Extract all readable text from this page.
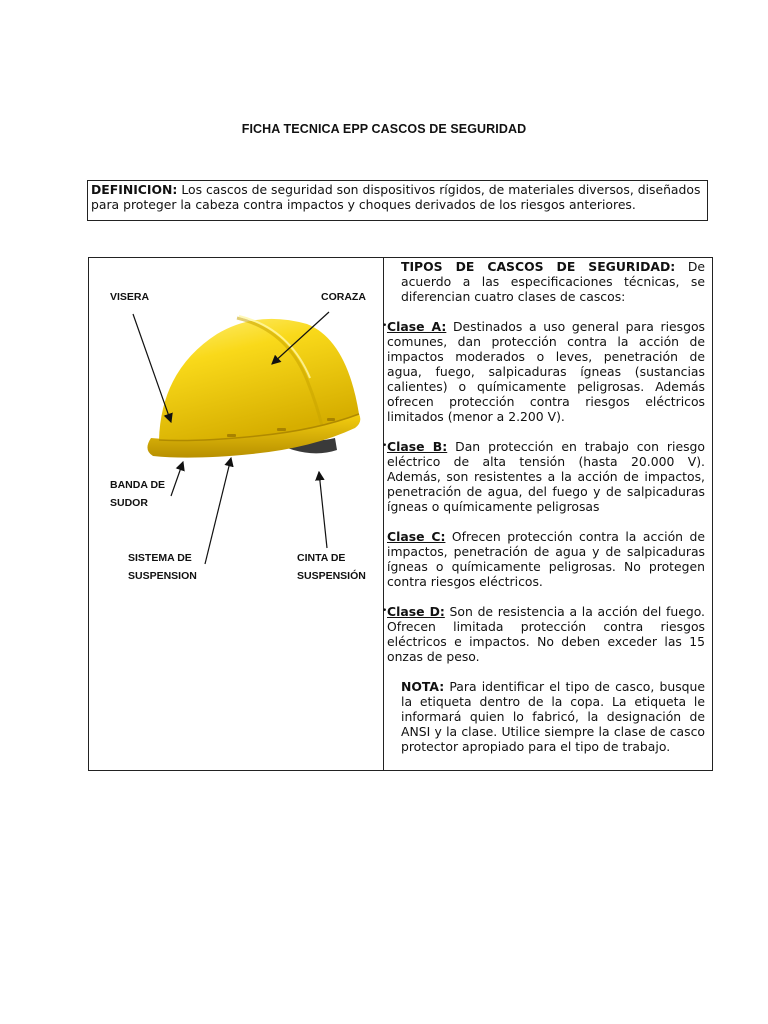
FICHA TECNICA EPP CASCOS DE SEGURIDAD
DEFINICION: Los cascos de seguridad son dispositivos rígidos, de materiales diversos, diseñados para proteger la cabeza contra impactos y choques derivados de los riesgos anteriores.
VISERA	CORAZA
BANDA DE
SUDOR
SISTEMA DE
SUSPENSION
CINTA DE
SUSPENSIÓN

TIPOS DE CASCOS DE SEGURIDAD: De acuerdo a las especificaciones técnicas, se diferencian cuatro clases de cascos:

• Clase A: Destinados a uso general para riesgos comunes, dan protección contra la acción de impactos moderados o leves, penetración de agua, fuego, salpicaduras ígneas (sustancias calientes) o químicamente peligrosas. Además ofrecen protección contra riesgos eléctricos limitados (menor a 2.200 V).

• Clase B: Dan protección en trabajo con riesgo eléctrico de alta tensión (hasta 20.000 V). Además, son resistentes a la acción de impactos, penetración de agua, del fuego y de salpicaduras ígneas o químicamente peligrosas

Clase C: Ofrecen protección contra la acción de impactos, penetración de agua y de salpicaduras ígneas o químicamente peligrosas. No protegen contra riesgos eléctricos.

• Clase D: Son de resistencia a la acción del fuego. Ofrecen limitada protección contra riesgos eléctricos e impactos. No deben exceder las 15 onzas de peso.

NOTA: Para identificar el tipo de casco, busque la etiqueta dentro de la copa. La etiqueta le informará quien lo fabricó, la designación de ANSI y la clase. Utilice siempre la clase de casco protector apropiado para el tipo de trabajo.
